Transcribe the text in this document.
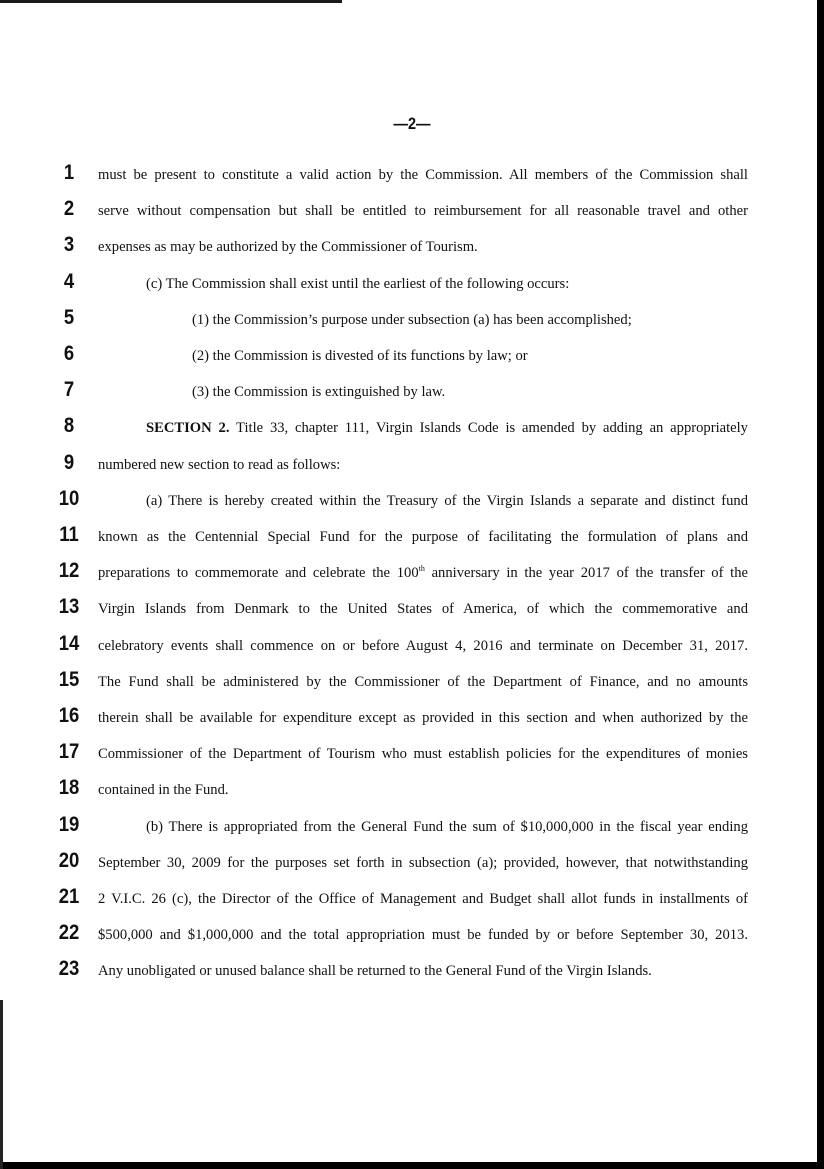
—2—
1	must be present to constitute a valid action by the Commission. All members of the Commission shall
2	serve without compensation but shall be entitled to reimbursement for all reasonable travel and other
3	expenses as may be authorized by the Commissioner of Tourism.
4	(c) The Commission shall exist until the earliest of the following occurs:
5	(1) the Commission’s purpose under subsection (a) has been accomplished;
6	(2) the Commission is divested of its functions by law; or
7	(3) the Commission is extinguished by law.
8	SECTION 2. Title 33, chapter 111, Virgin Islands Code is amended by adding an appropriately
9	numbered new section to read as follows:
10	(a) There is hereby created within the Treasury of the Virgin Islands a separate and distinct fund
11	known as the Centennial Special Fund for the purpose of facilitating the formulation of plans and
12	preparations to commemorate and celebrate the 100th anniversary in the year 2017 of the transfer of the
13	Virgin Islands from Denmark to the United States of America, of which the commemorative and
14	celebratory events shall commence on or before August 4, 2016 and terminate on December 31, 2017.
15	The Fund shall be administered by the Commissioner of the Department of Finance, and no amounts
16	therein shall be available for expenditure except as provided in this section and when authorized by the
17	Commissioner of the Department of Tourism who must establish policies for the expenditures of monies
18	contained in the Fund.
19	(b) There is appropriated from the General Fund the sum of $10,000,000 in the fiscal year ending
20	September 30, 2009 for the purposes set forth in subsection (a); provided, however, that notwithstanding
21	2 V.I.C. 26 (c), the Director of the Office of Management and Budget shall allot funds in installments of
22	$500,000 and $1,000,000 and the total appropriation must be funded by or before September 30, 2013.
23	Any unobligated or unused balance shall be returned to the General Fund of the Virgin Islands.
